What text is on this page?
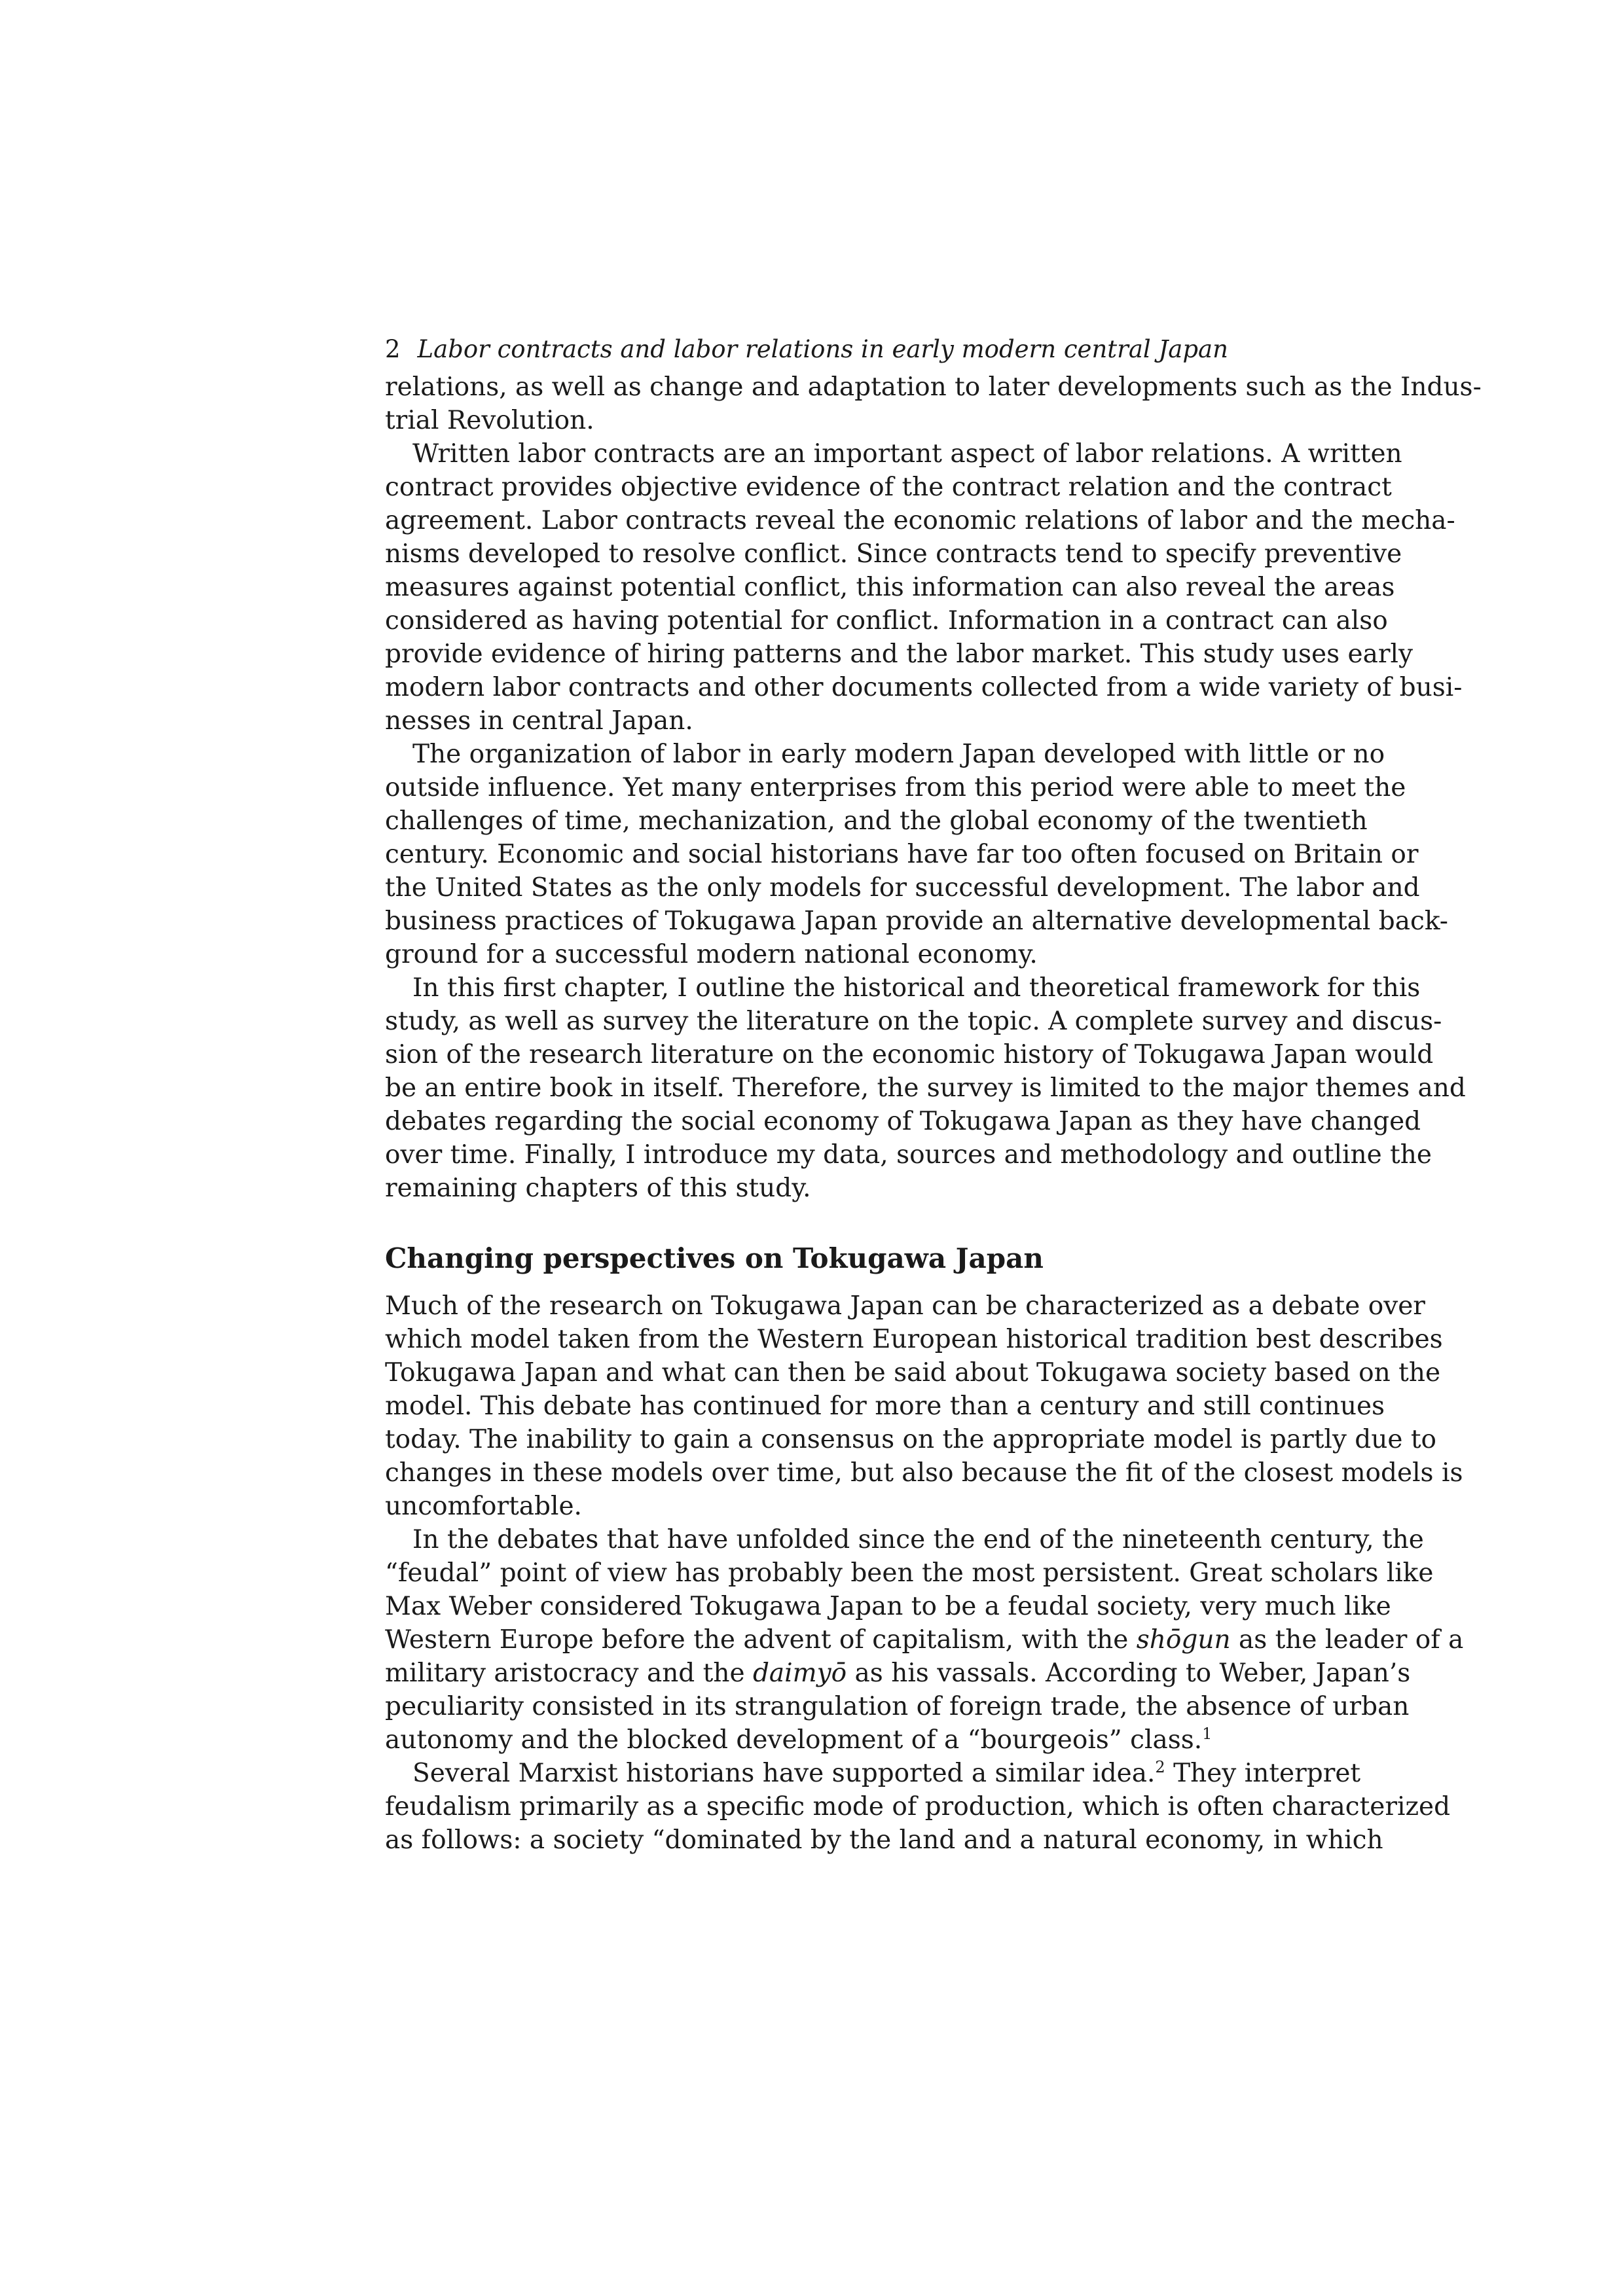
2 Labor contracts and labor relations in early modern central Japan
relations, as well as change and adaptation to later developments such as the Indus-
trial Revolution.
Written labor contracts are an important aspect of labor relations. A written
contract provides objective evidence of the contract relation and the contract
agreement. Labor contracts reveal the economic relations of labor and the mecha-
nisms developed to resolve conflict. Since contracts tend to specify preventive
measures against potential conflict, this information can also reveal the areas
considered as having potential for conflict. Information in a contract can also
provide evidence of hiring patterns and the labor market. This study uses early
modern labor contracts and other documents collected from a wide variety of busi-
nesses in central Japan.
The organization of labor in early modern Japan developed with little or no
outside influence. Yet many enterprises from this period were able to meet the
challenges of time, mechanization, and the global economy of the twentieth
century. Economic and social historians have far too often focused on Britain or
the United States as the only models for successful development. The labor and
business practices of Tokugawa Japan provide an alternative developmental back-
ground for a successful modern national economy.
In this first chapter, I outline the historical and theoretical framework for this
study, as well as survey the literature on the topic. A complete survey and discus-
sion of the research literature on the economic history of Tokugawa Japan would
be an entire book in itself. Therefore, the survey is limited to the major themes and
debates regarding the social economy of Tokugawa Japan as they have changed
over time. Finally, I introduce my data, sources and methodology and outline the
remaining chapters of this study.
Changing perspectives on Tokugawa Japan
Much of the research on Tokugawa Japan can be characterized as a debate over
which model taken from the Western European historical tradition best describes
Tokugawa Japan and what can then be said about Tokugawa society based on the
model. This debate has continued for more than a century and still continues
today. The inability to gain a consensus on the appropriate model is partly due to
changes in these models over time, but also because the fit of the closest models is
uncomfortable.
In the debates that have unfolded since the end of the nineteenth century, the
“feudal” point of view has probably been the most persistent. Great scholars like
Max Weber considered Tokugawa Japan to be a feudal society, very much like
Western Europe before the advent of capitalism, with the shōgun as the leader of a
military aristocracy and the daimyō as his vassals. According to Weber, Japan’s
peculiarity consisted in its strangulation of foreign trade, the absence of urban
autonomy and the blocked development of a “bourgeois” class.$^1$
Several Marxist historians have supported a similar idea.$^2$ They interpret
feudalism primarily as a specific mode of production, which is often characterized
as follows: a society “dominated by the land and a natural economy, in which
